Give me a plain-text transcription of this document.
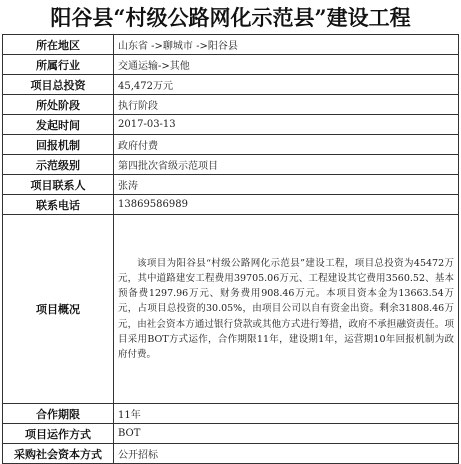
阳谷县“村级公路网化示范县”建设工程
所在地区	山东省 ->聊城市 ->阳谷县
所属行业	交通运输->其他
项目总投资	45,472万元
所处阶段	执行阶段
发起时间	2017-03-13
回报机制	政府付费
示范级别	第四批次省级示范项目
项目联系人	张涛
联系电话	13869586989
项目概况	该项目为阳谷县“村级公路网化示范县”建设工程，项目总投资为45472万元，其中道路建安工程费用39705.06万元、工程建设其它费用3560.52、基本预备费1297.96万元、财务费用908.46万元。本项目资本金为13663.54万元，占项目总投资的30.05%，由项目公司以自有资金出资。剩余31808.46万元，由社会资本方通过银行贷款或其他方式进行筹措，政府不承担融资责任。项目采用BOT方式运作，合作期限11年，建设期1年，运营期10年回报机制为政府付费。
合作期限	11年
项目运作方式	BOT
采购社会资本方式	公开招标
